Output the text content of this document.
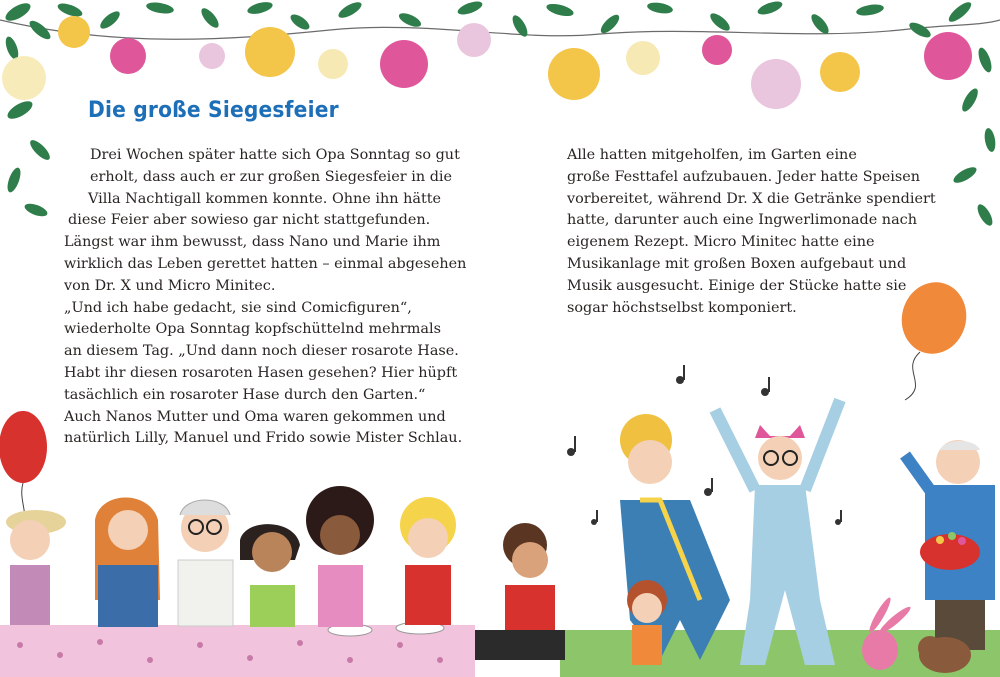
Die große Siegesfeier
Drei Wochen später hatte sich Opa Sonntag so gut
erholt, dass auch er zur großen Siegesfeier in die
Villa Nachtigall kommen konnte. Ohne ihn hätte
diese Feier aber sowieso gar nicht stattgefunden.
Längst war ihm bewusst, dass Nano und Marie ihm
wirklich das Leben gerettet hatten – einmal abgesehen
von Dr. X und Micro Minitec.
„Und ich habe gedacht, sie sind Comicfiguren“,
wiederholte Opa Sonntag kopfschüttelnd mehrmals
an diesem Tag. „Und dann noch dieser rosarote Hase.
Habt ihr diesen rosaroten Hasen gesehen? Hier hüpft
tasächlich ein rosaroter Hase durch den Garten.“
Auch Nanos Mutter und Oma waren gekommen und
natürlich Lilly, Manuel und Frido sowie Mister Schlau.
Alle hatten mitgeholfen, im Garten eine
große Festtafel aufzubauen. Jeder hatte Speisen
vorbereitet, während Dr. X die Getränke spendiert
hatte, darunter auch eine Ingwerlimonade nach
eigenem Rezept. Micro Minitec hatte eine
Musikanlage mit großen Boxen aufgebaut und
Musik ausgesucht. Einige der Stücke hatte sie
sogar höchstselbst komponiert.
